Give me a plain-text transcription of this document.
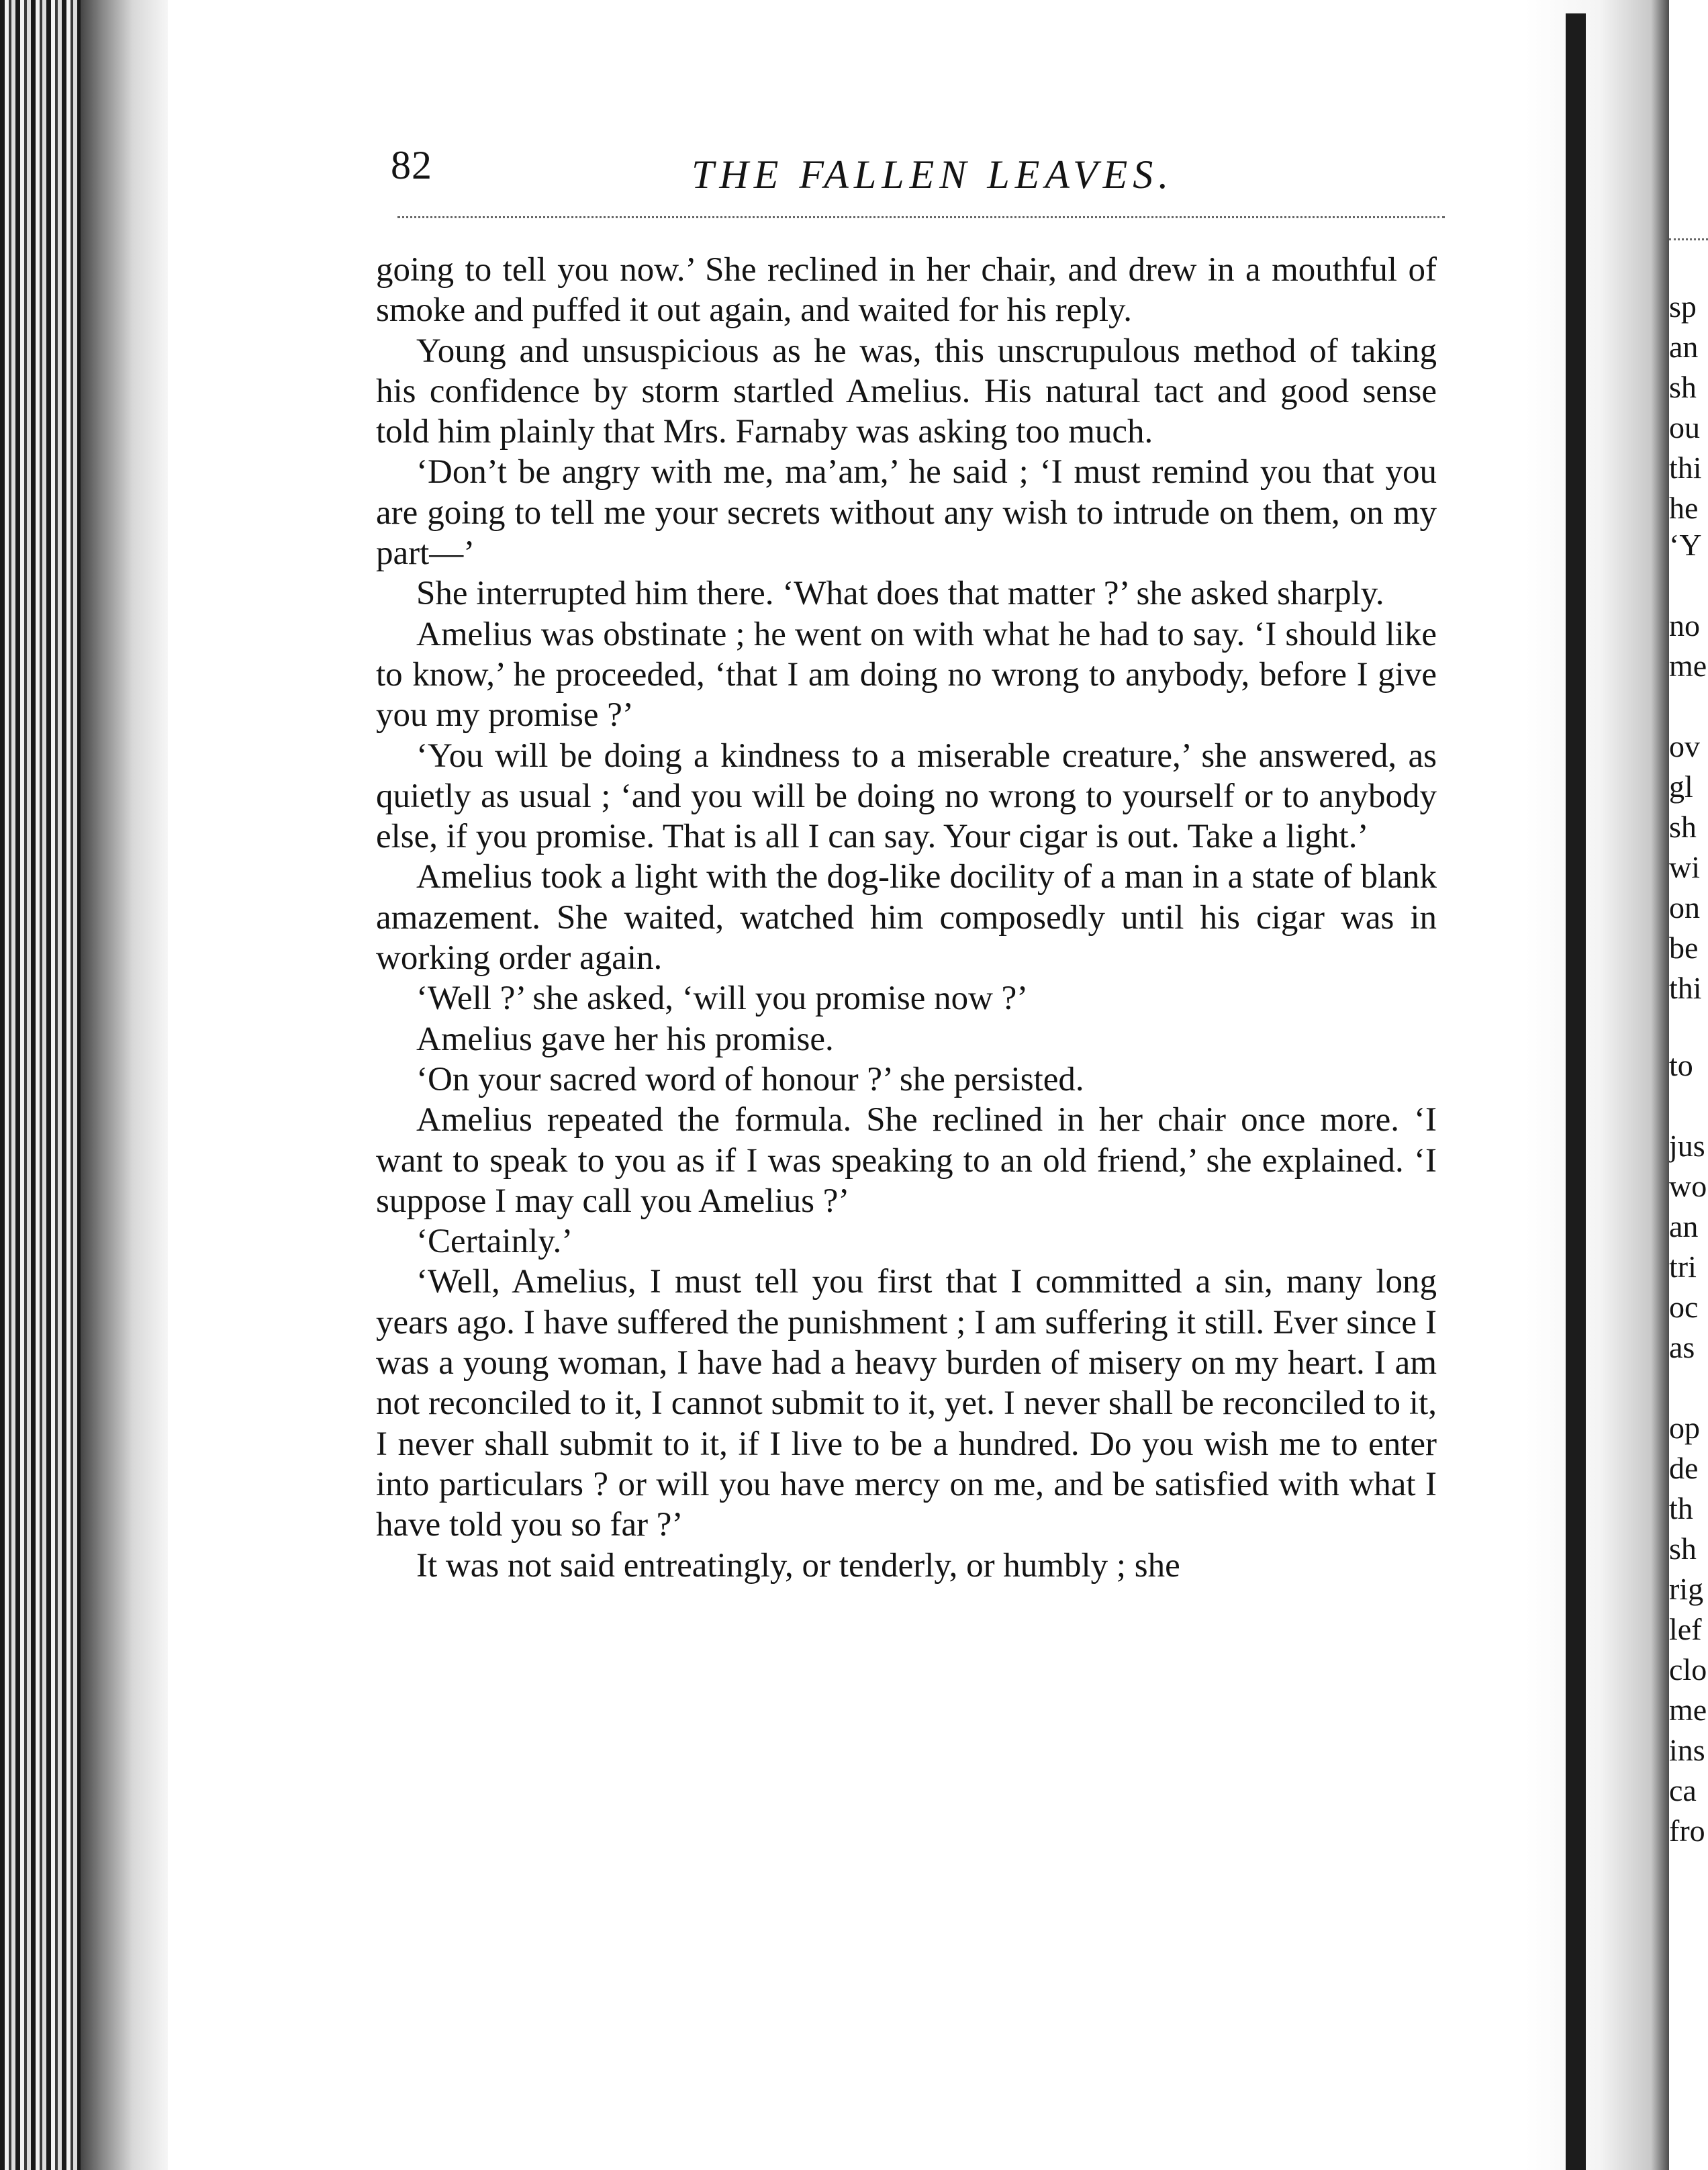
82	THE FALLEN LEAVES.

going to tell you now.’ She reclined in her chair, and drew in a mouthful of smoke and puffed it out again, and waited for his reply.

Young and unsuspicious as he was, this unscrupulous method of taking his confidence by storm startled Amelius. His natural tact and good sense told him plainly that Mrs. Farnaby was asking too much.

‘Don’t be angry with me, ma’am,’ he said ; ‘I must remind you that you are going to tell me your secrets without any wish to intrude on them, on my part—’

She interrupted him there. ‘What does that matter ?’ she asked sharply.

Amelius was obstinate ; he went on with what he had to say. ‘I should like to know,’ he proceeded, ‘that I am doing no wrong to anybody, before I give you my promise ?’

‘You will be doing a kindness to a miserable creature,’ she answered, as quietly as usual ; ‘and you will be doing no wrong to yourself or to anybody else, if you promise. That is all I can say. Your cigar is out. Take a light.’

Amelius took a light with the dog-like docility of a man in a state of blank amazement. She waited, watched him composedly until his cigar was in working order again.

‘Well ?’ she asked, ‘will you promise now ?’

Amelius gave her his promise.

‘On your sacred word of honour ?’ she persisted.

Amelius repeated the formula. She reclined in her chair once more. ‘I want to speak to you as if I was speaking to an old friend,’ she explained. ‘I suppose I may call you Amelius ?’

‘Certainly.’

‘Well, Amelius, I must tell you first that I committed a sin, many long years ago. I have suffered the punishment ; I am suffering it still. Ever since I was a young woman, I have had a heavy burden of misery on my heart. I am not reconciled to it, I cannot submit to it, yet. I never shall be reconciled to it, I never shall submit to it, if I live to be a hundred. Do you wish me to enter into particulars ? or will you have mercy on me, and be satisfied with what I have told you so far ?’

It was not said entreatingly, or tenderly, or humbly ; she

sp
an
sh
ou
thi
he
‘Y
no
me
ov
gl
sh
wi
on
be
thi
to
jus
wo
an
tri
oc
as
op
de
th
sh
rig
lef
clo
me
ins
ca
fro
